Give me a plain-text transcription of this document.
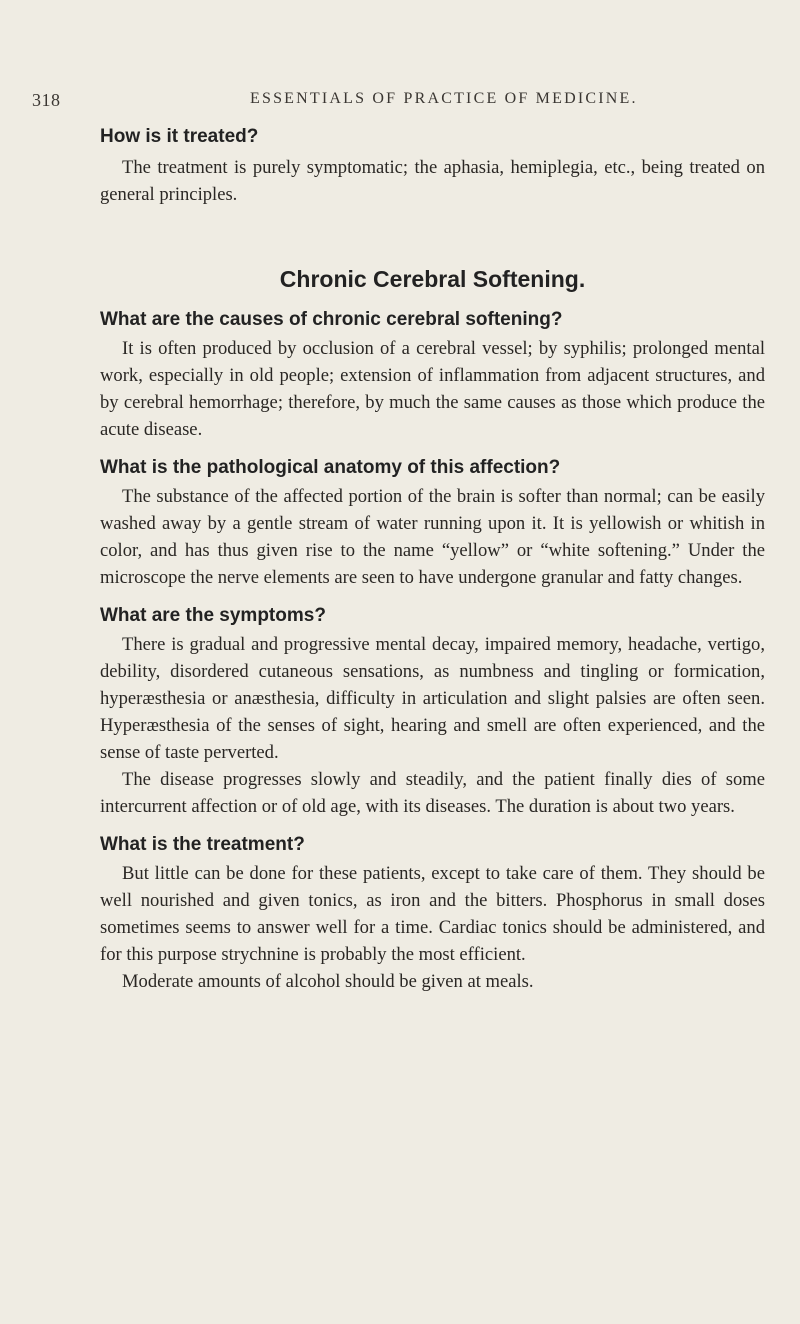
318	ESSENTIALS OF PRACTICE OF MEDICINE.

How is it treated?

The treatment is purely symptomatic; the aphasia, hemiplegia, etc., being treated on general principles.

Chronic Cerebral Softening.

What are the causes of chronic cerebral softening?

It is often produced by occlusion of a cerebral vessel; by syphilis; prolonged mental work, especially in old people; extension of inflammation from adjacent structures, and by cerebral hemorrhage; therefore, by much the same causes as those which produce the acute disease.

What is the pathological anatomy of this affection?

The substance of the affected portion of the brain is softer than normal; can be easily washed away by a gentle stream of water running upon it. It is yellowish or whitish in color, and has thus given rise to the name “yellow” or “white softening.” Under the microscope the nerve elements are seen to have undergone granular and fatty changes.

What are the symptoms?

There is gradual and progressive mental decay, impaired memory, headache, vertigo, debility, disordered cutaneous sensations, as numbness and tingling or formication, hyperæsthesia or anæsthesia, difficulty in articulation and slight palsies are often seen. Hyperæsthesia of the senses of sight, hearing and smell are often experienced, and the sense of taste perverted.

The disease progresses slowly and steadily, and the patient finally dies of some intercurrent affection or of old age, with its diseases. The duration is about two years.

What is the treatment?

But little can be done for these patients, except to take care of them. They should be well nourished and given tonics, as iron and the bitters. Phosphorus in small doses sometimes seems to answer well for a time. Cardiac tonics should be administered, and for this purpose strychnine is probably the most efficient.

Moderate amounts of alcohol should be given at meals.
